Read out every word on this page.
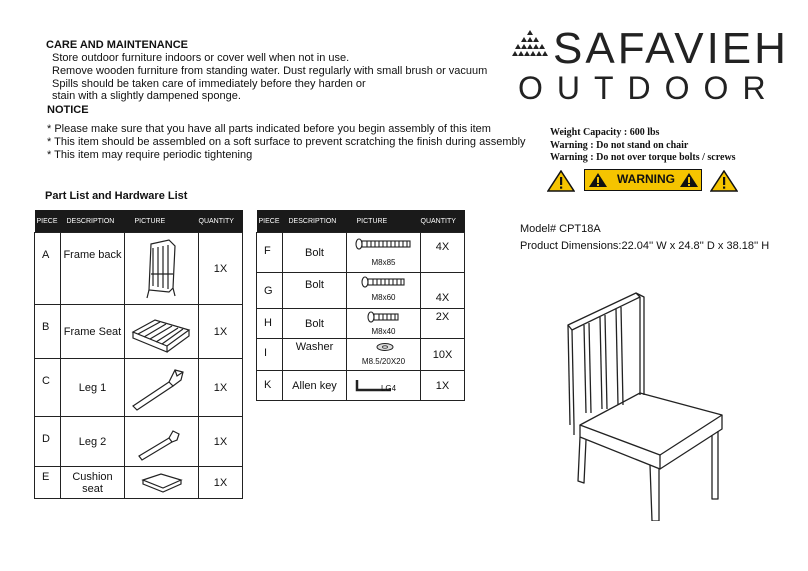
CARE AND MAINTENANCE
Store outdoor furniture indoors or cover well when not in use.
Remove wooden furniture from standing water. Dust regularly with small brush or vacuum
Spills should be taken care of immediately before they harden or
stain with a slightly dampened sponge.
NOTICE
* Please make sure that you have all parts indicated before you begin assembly of this item
* This item should be assembled on a soft surface to prevent scratching the finish during assembly
* This item may require periodic tightening
SAFAVIEH
OUTDOOR
Weight Capacity : 600 lbs
Warning : Do not stand on chair
Warning : Do not over torque bolts / screws
WARNING
Part List and Hardware List
PIECE	DESCRIPTION	PICTURE	QUANTITY
A	Frame back		1X
B	Frame Seat		1X
C	Leg 1		1X
D	Leg 2		1X
E	Cushion seat		1X
PIECE	DESCRIPTION	PICTURE	QUANTITY
F	Bolt	M8x85	4X
G	Bolt	M8x60	4X
H	Bolt	M8x40	2X
I	Washer	M8.5/20X20	10X
K	Allen key	LG4	1X
Model# CPT18A
Product Dimensions:22.04'' W x 24.8'' D x 38.18'' H
